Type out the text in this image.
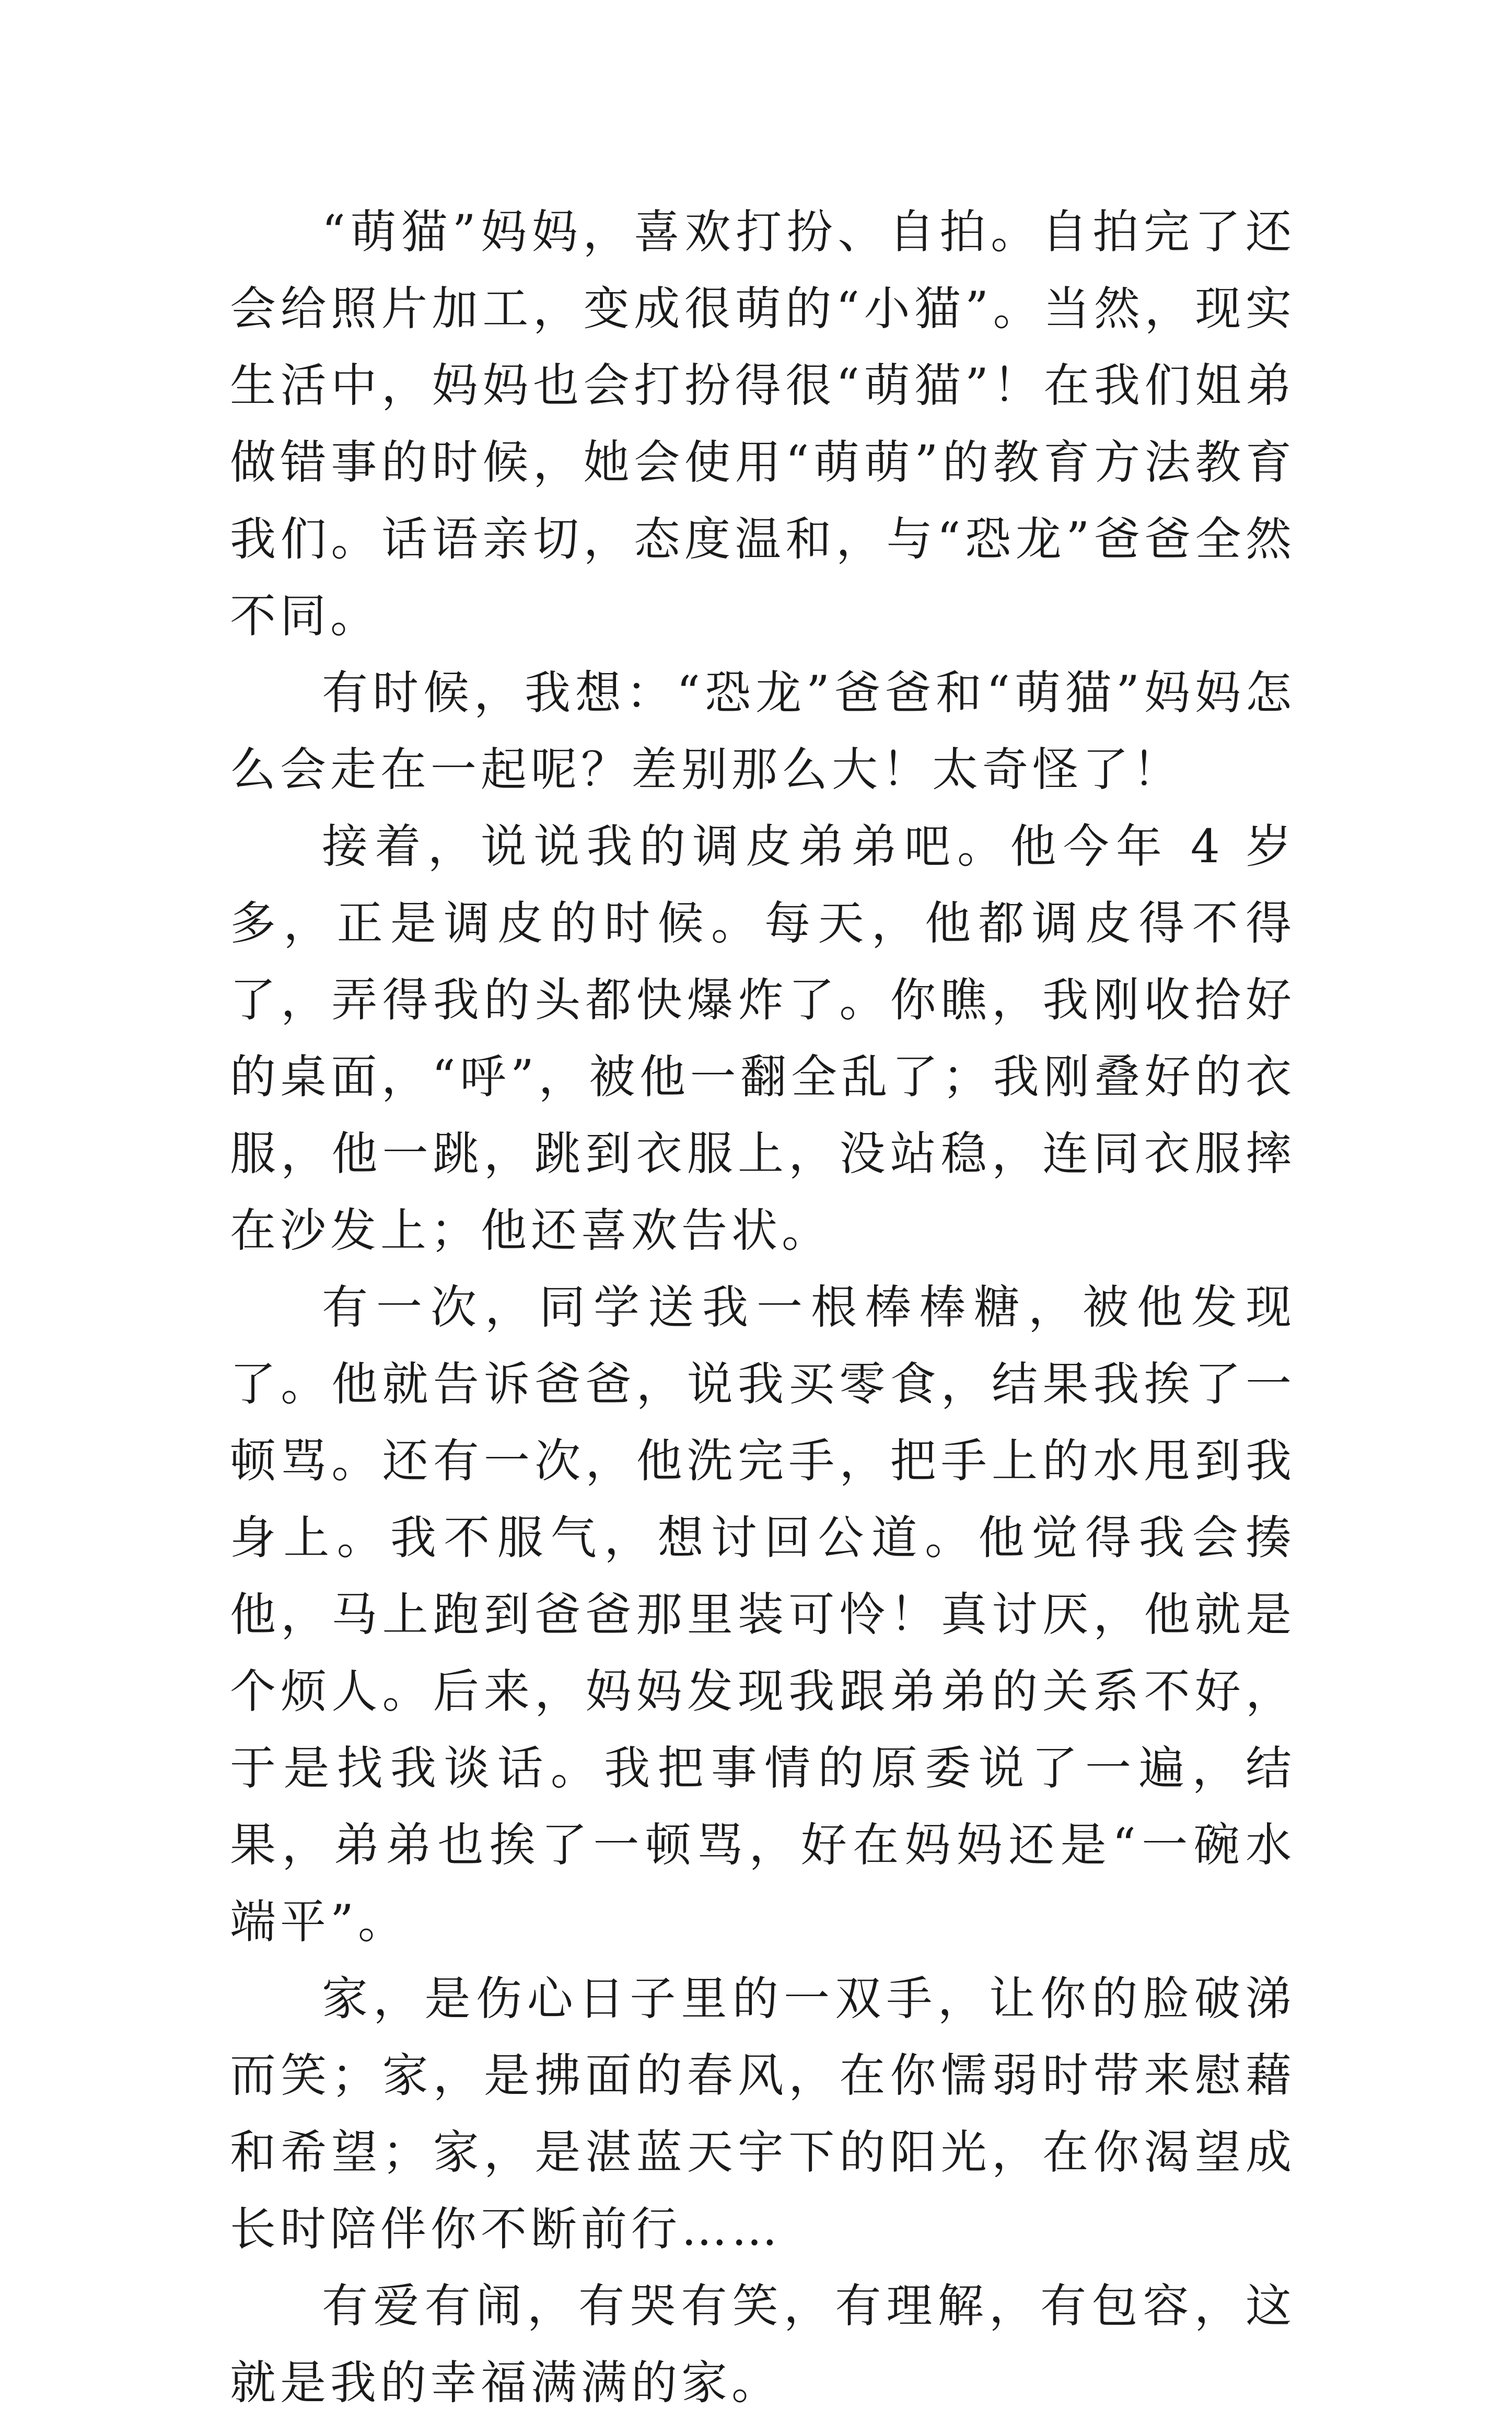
“萌猫”妈妈，喜欢打扮、自拍。自拍完了还会给照片加工，变成很萌的“小猫”。当然，现实生活中，妈妈也会打扮得很“萌猫”！在我们姐弟做错事的时候，她会使用“萌萌”的教育方法教育我们。话语亲切，态度温和，与“恐龙”爸爸全然不同。

有时候，我想：“恐龙”爸爸和“萌猫”妈妈怎么会走在一起呢？差别那么大！太奇怪了！

接着，说说我的调皮弟弟吧。他今年 4 岁多，正是调皮的时候。每天，他都调皮得不得了，弄得我的头都快爆炸了。你瞧，我刚收拾好的桌面，“呼”，被他一翻全乱了；我刚叠好的衣服，他一跳，跳到衣服上，没站稳，连同衣服摔在沙发上；他还喜欢告状。

有一次，同学送我一根棒棒糖，被他发现了。他就告诉爸爸，说我买零食，结果我挨了一顿骂。还有一次，他洗完手，把手上的水甩到我身上。我不服气，想讨回公道。他觉得我会揍他，马上跑到爸爸那里装可怜！真讨厌，他就是个烦人。后来，妈妈发现我跟弟弟的关系不好，于是找我谈话。我把事情的原委说了一遍，结果，弟弟也挨了一顿骂，好在妈妈还是“一碗水端平”。

家，是伤心日子里的一双手，让你的脸破涕而笑；家，是拂面的春风，在你懦弱时带来慰藉和希望；家，是湛蓝天宇下的阳光，在你渴望成长时陪伴你不断前行……

有爱有闹，有哭有笑，有理解，有包容，这就是我的幸福满满的家。
